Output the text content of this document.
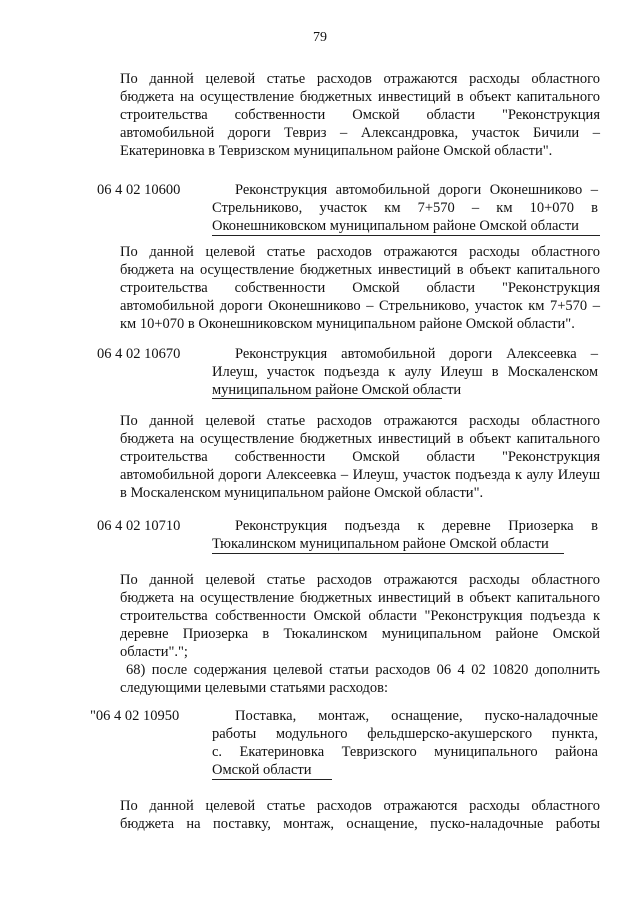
79
По данной целевой статье расходов отражаются расходы областного
бюджета на осуществление бюджетных инвестиций в объект капитального
строительства собственности Омской области "Реконструкция
автомобильной дороги Тевриз – Александровка, участок Бичили –
Екатериновка в Тевризском муниципальном районе Омской области".
06 4 02 10600	Реконструкция автомобильной дороги Оконешниково –
Стрельниково, участок км 7+570 – км 10+070 в
Оконешниковском муниципальном районе Омской области
По данной целевой статье расходов отражаются расходы областного
бюджета на осуществление бюджетных инвестиций в объект капитального
строительства собственности Омской области "Реконструкция
автомобильной дороги Оконешниково – Стрельниково, участок км 7+570 –
км 10+070 в Оконешниковском муниципальном районе Омской области".
06 4 02 10670	Реконструкция автомобильной дороги Алексеевка –
Илеуш, участок подъезда к аулу Илеуш в Москаленском
муниципальном районе Омской области
По данной целевой статье расходов отражаются расходы областного
бюджета на осуществление бюджетных инвестиций в объект капитального
строительства собственности Омской области "Реконструкция
автомобильной дороги Алексеевка – Илеуш, участок подъезда к аулу Илеуш
в Москаленском муниципальном районе Омской области".
06 4 02 10710	Реконструкция подъезда к деревне Приозерка в
Тюкалинском муниципальном районе Омской области
По данной целевой статье расходов отражаются расходы областного
бюджета на осуществление бюджетных инвестиций в объект капитального
строительства собственности Омской области "Реконструкция подъезда к
деревне Приозерка в Тюкалинском муниципальном районе Омской
области".";
68) после содержания целевой статьи расходов 06 4 02 10820 дополнить
следующими целевыми статьями расходов:
"06 4 02 10950	Поставка, монтаж, оснащение, пуско-наладочные
работы модульного фельдшерско-акушерского пункта,
с. Екатериновка Тевризского муниципального района
Омской области
По данной целевой статье расходов отражаются расходы областного
бюджета на поставку, монтаж, оснащение, пуско-наладочные работы
